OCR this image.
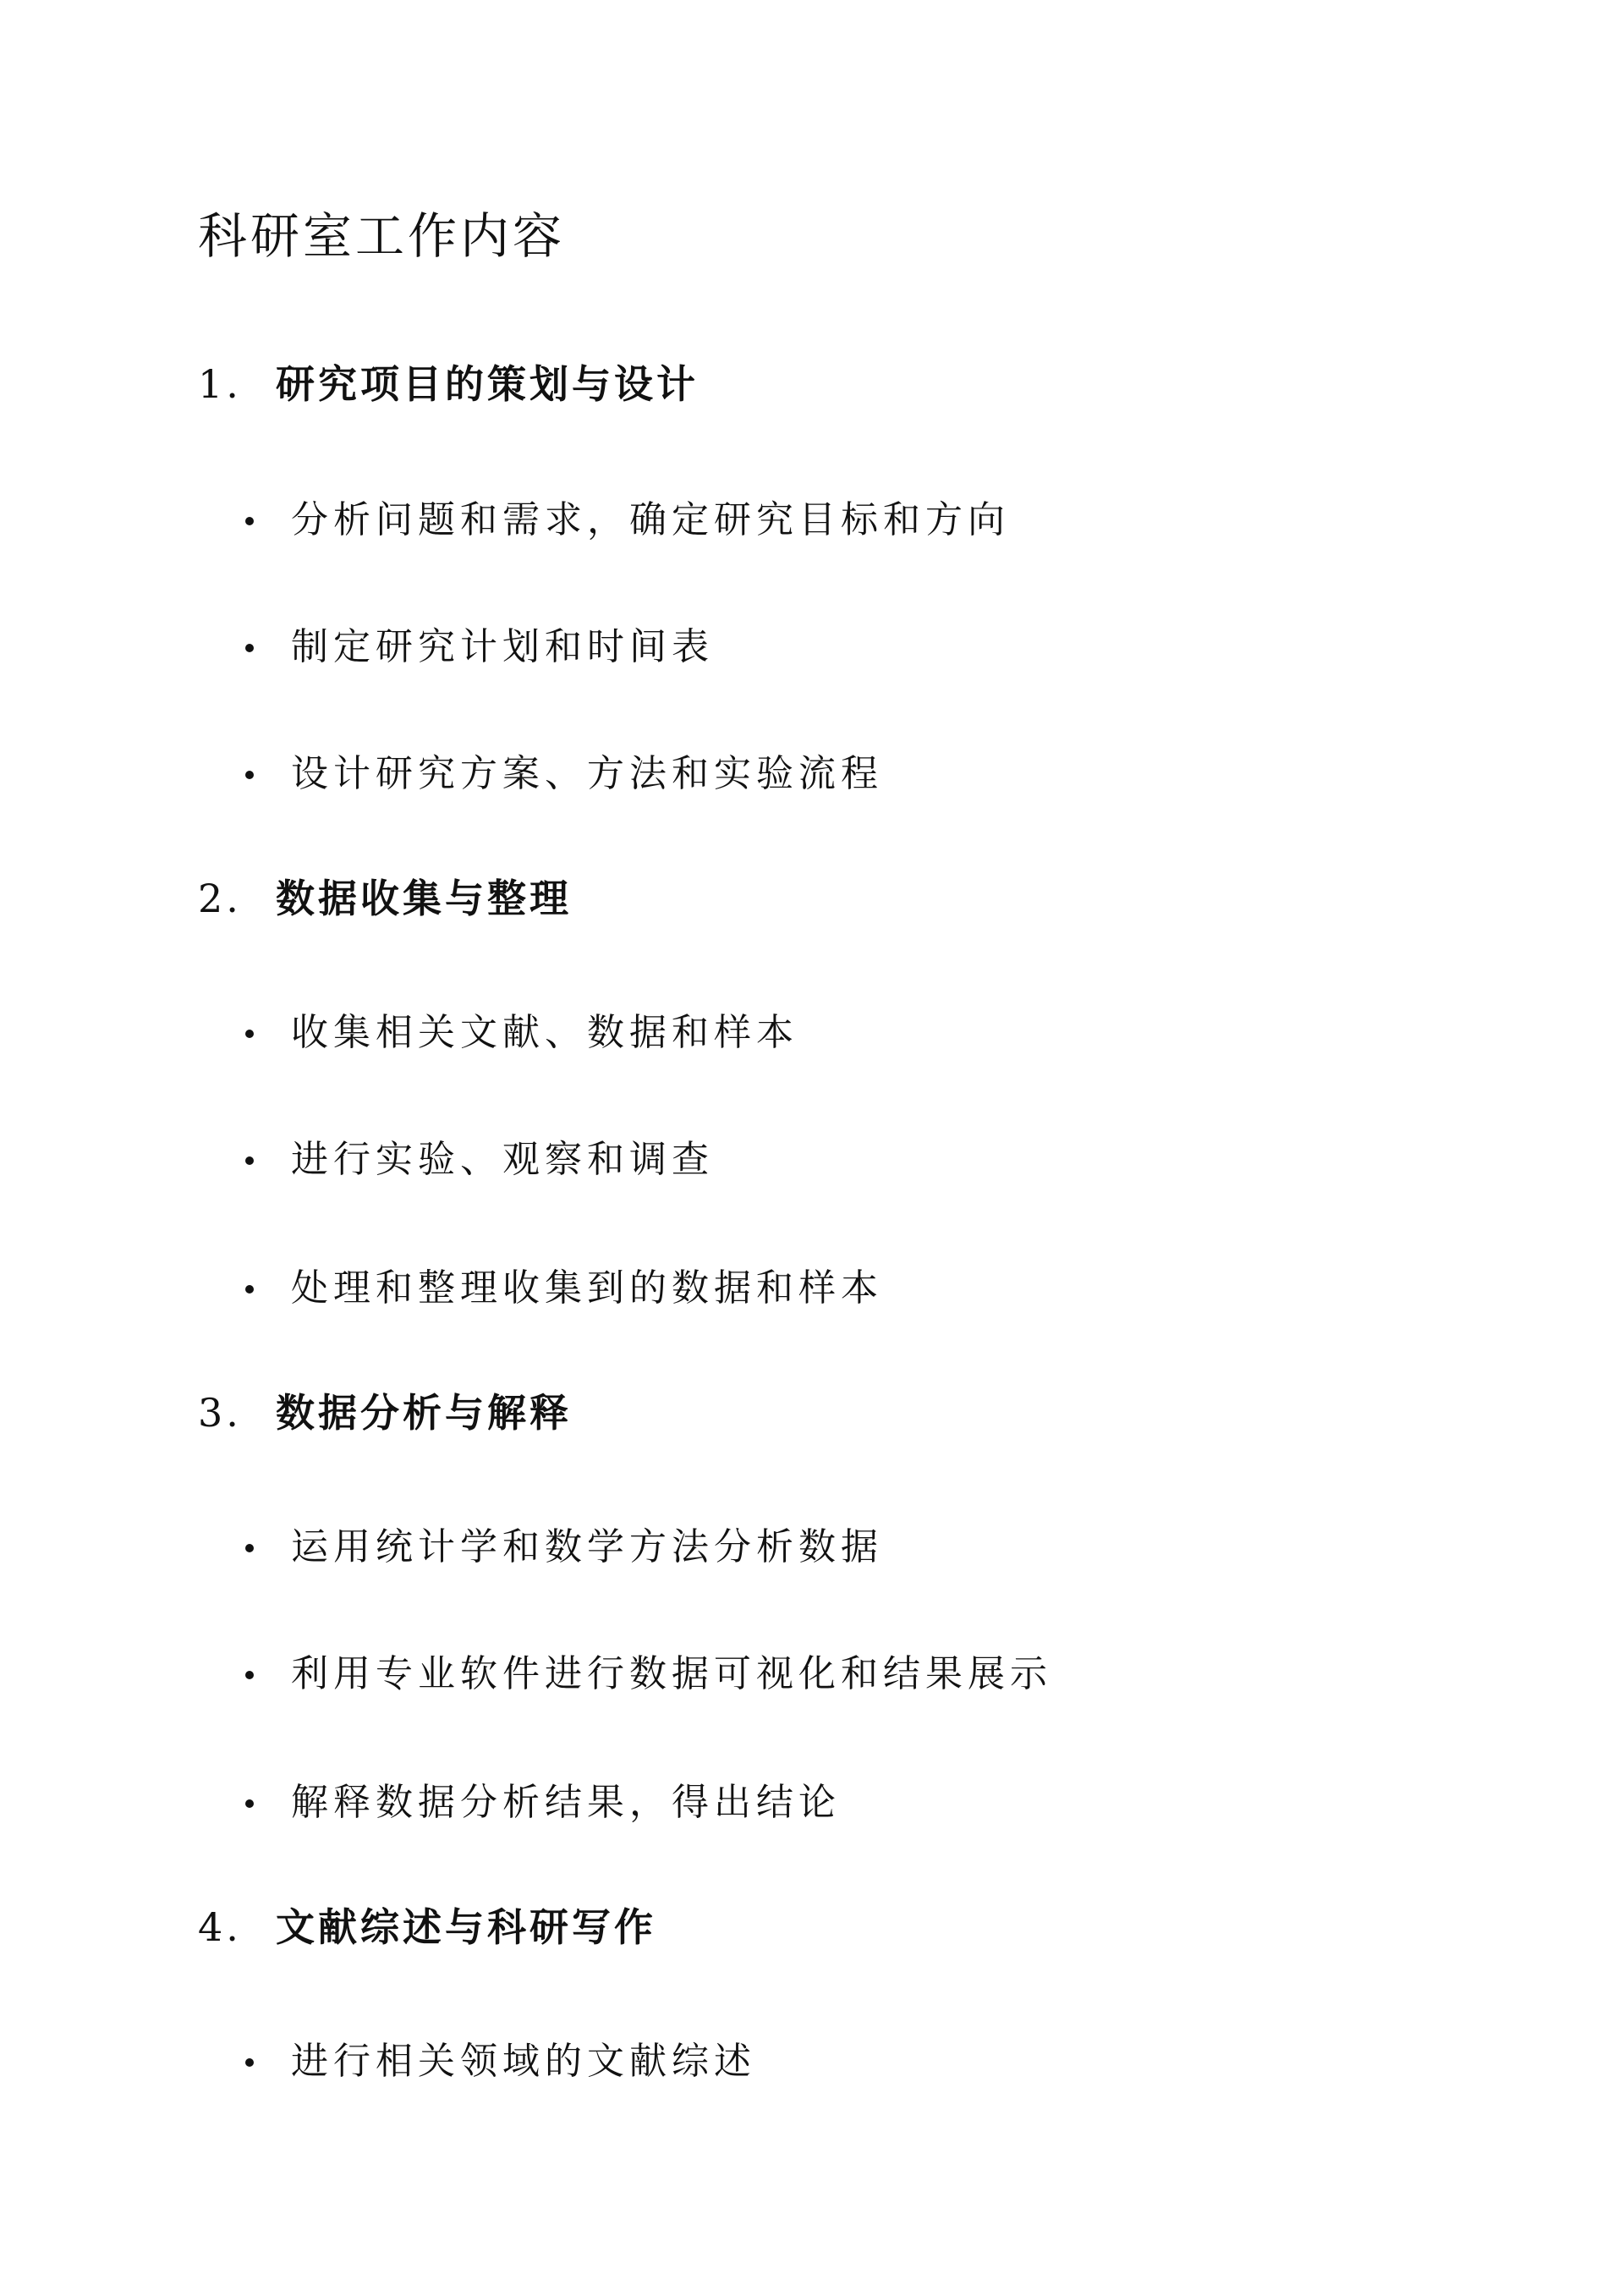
科研室工作内容
1. 研究项目的策划与设计
分析问题和需求，确定研究目标和方向
制定研究计划和时间表
设计研究方案、方法和实验流程
2. 数据收集与整理
收集相关文献、数据和样本
进行实验、观察和调查
处理和整理收集到的数据和样本
3. 数据分析与解释
运用统计学和数学方法分析数据
利用专业软件进行数据可视化和结果展示
解释数据分析结果，得出结论
4. 文献综述与科研写作
进行相关领域的文献综述
